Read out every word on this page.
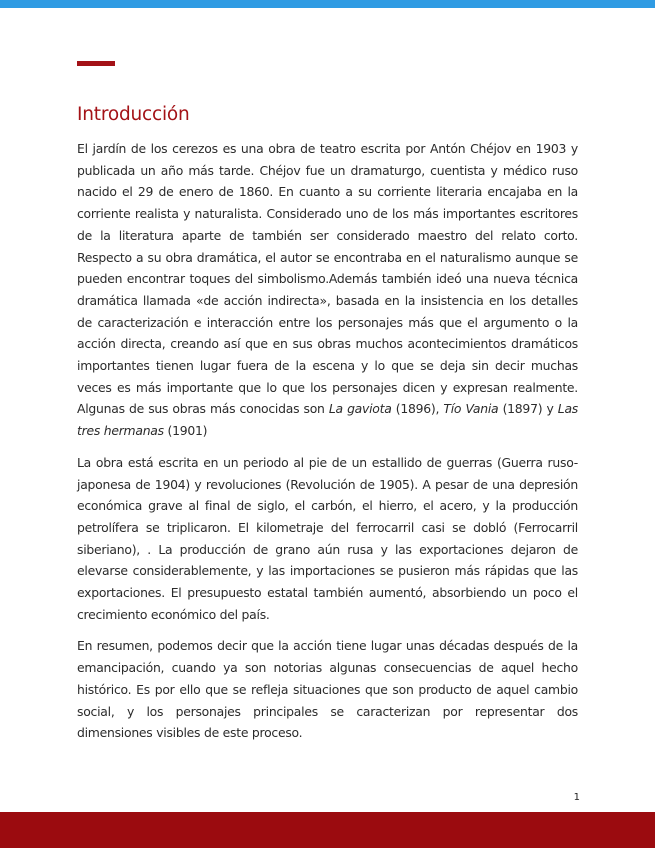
Introducción

El jardín de los cerezos es una obra de teatro escrita por Antón Chéjov en 1903 y publicada un año más tarde. Chéjov fue un dramaturgo, cuentista y médico ruso nacido el 29 de enero de 1860. En cuanto a su corriente literaria encajaba en la corriente realista y naturalista. Considerado uno de los más importantes escritores de la literatura aparte de también ser considerado maestro del relato corto. Respecto a su obra dramática, el autor se encontraba en el naturalismo aunque se pueden encontrar toques del simbolismo.Además también ideó una nueva técnica dramática llamada «de acción indirecta», basada en la insistencia en los detalles de caracterización e interacción entre los personajes más que el argumento o la acción directa, creando así que en sus obras muchos acontecimientos dramáticos importantes tienen lugar fuera de la escena y lo que se deja sin decir muchas veces es más importante que lo que los personajes dicen y expresan realmente. Algunas de sus obras más conocidas son La gaviota (1896), Tío Vania (1897) y Las tres hermanas (1901)

La obra está escrita en un periodo al pie de un estallido de guerras (Guerra ruso-japonesa de 1904) y revoluciones (Revolución de 1905). A pesar de una depresión económica grave al final de siglo, el carbón, el hierro, el acero, y la producción petrolífera se triplicaron. El kilometraje del ferrocarril casi se dobló (Ferrocarril siberiano), . La producción de grano aún rusa y las exportaciones dejaron de elevarse considerablemente, y las importaciones se pusieron más rápidas que las exportaciones. El presupuesto estatal también aumentó, absorbiendo un poco el crecimiento económico del país.

En resumen, podemos decir que la acción tiene lugar unas décadas después de la emancipación, cuando ya son notorias algunas consecuencias de aquel hecho histórico. Es por ello que se refleja situaciones que son producto de aquel cambio social, y los personajes principales se caracterizan por representar dos dimensiones visibles de este proceso.

1
